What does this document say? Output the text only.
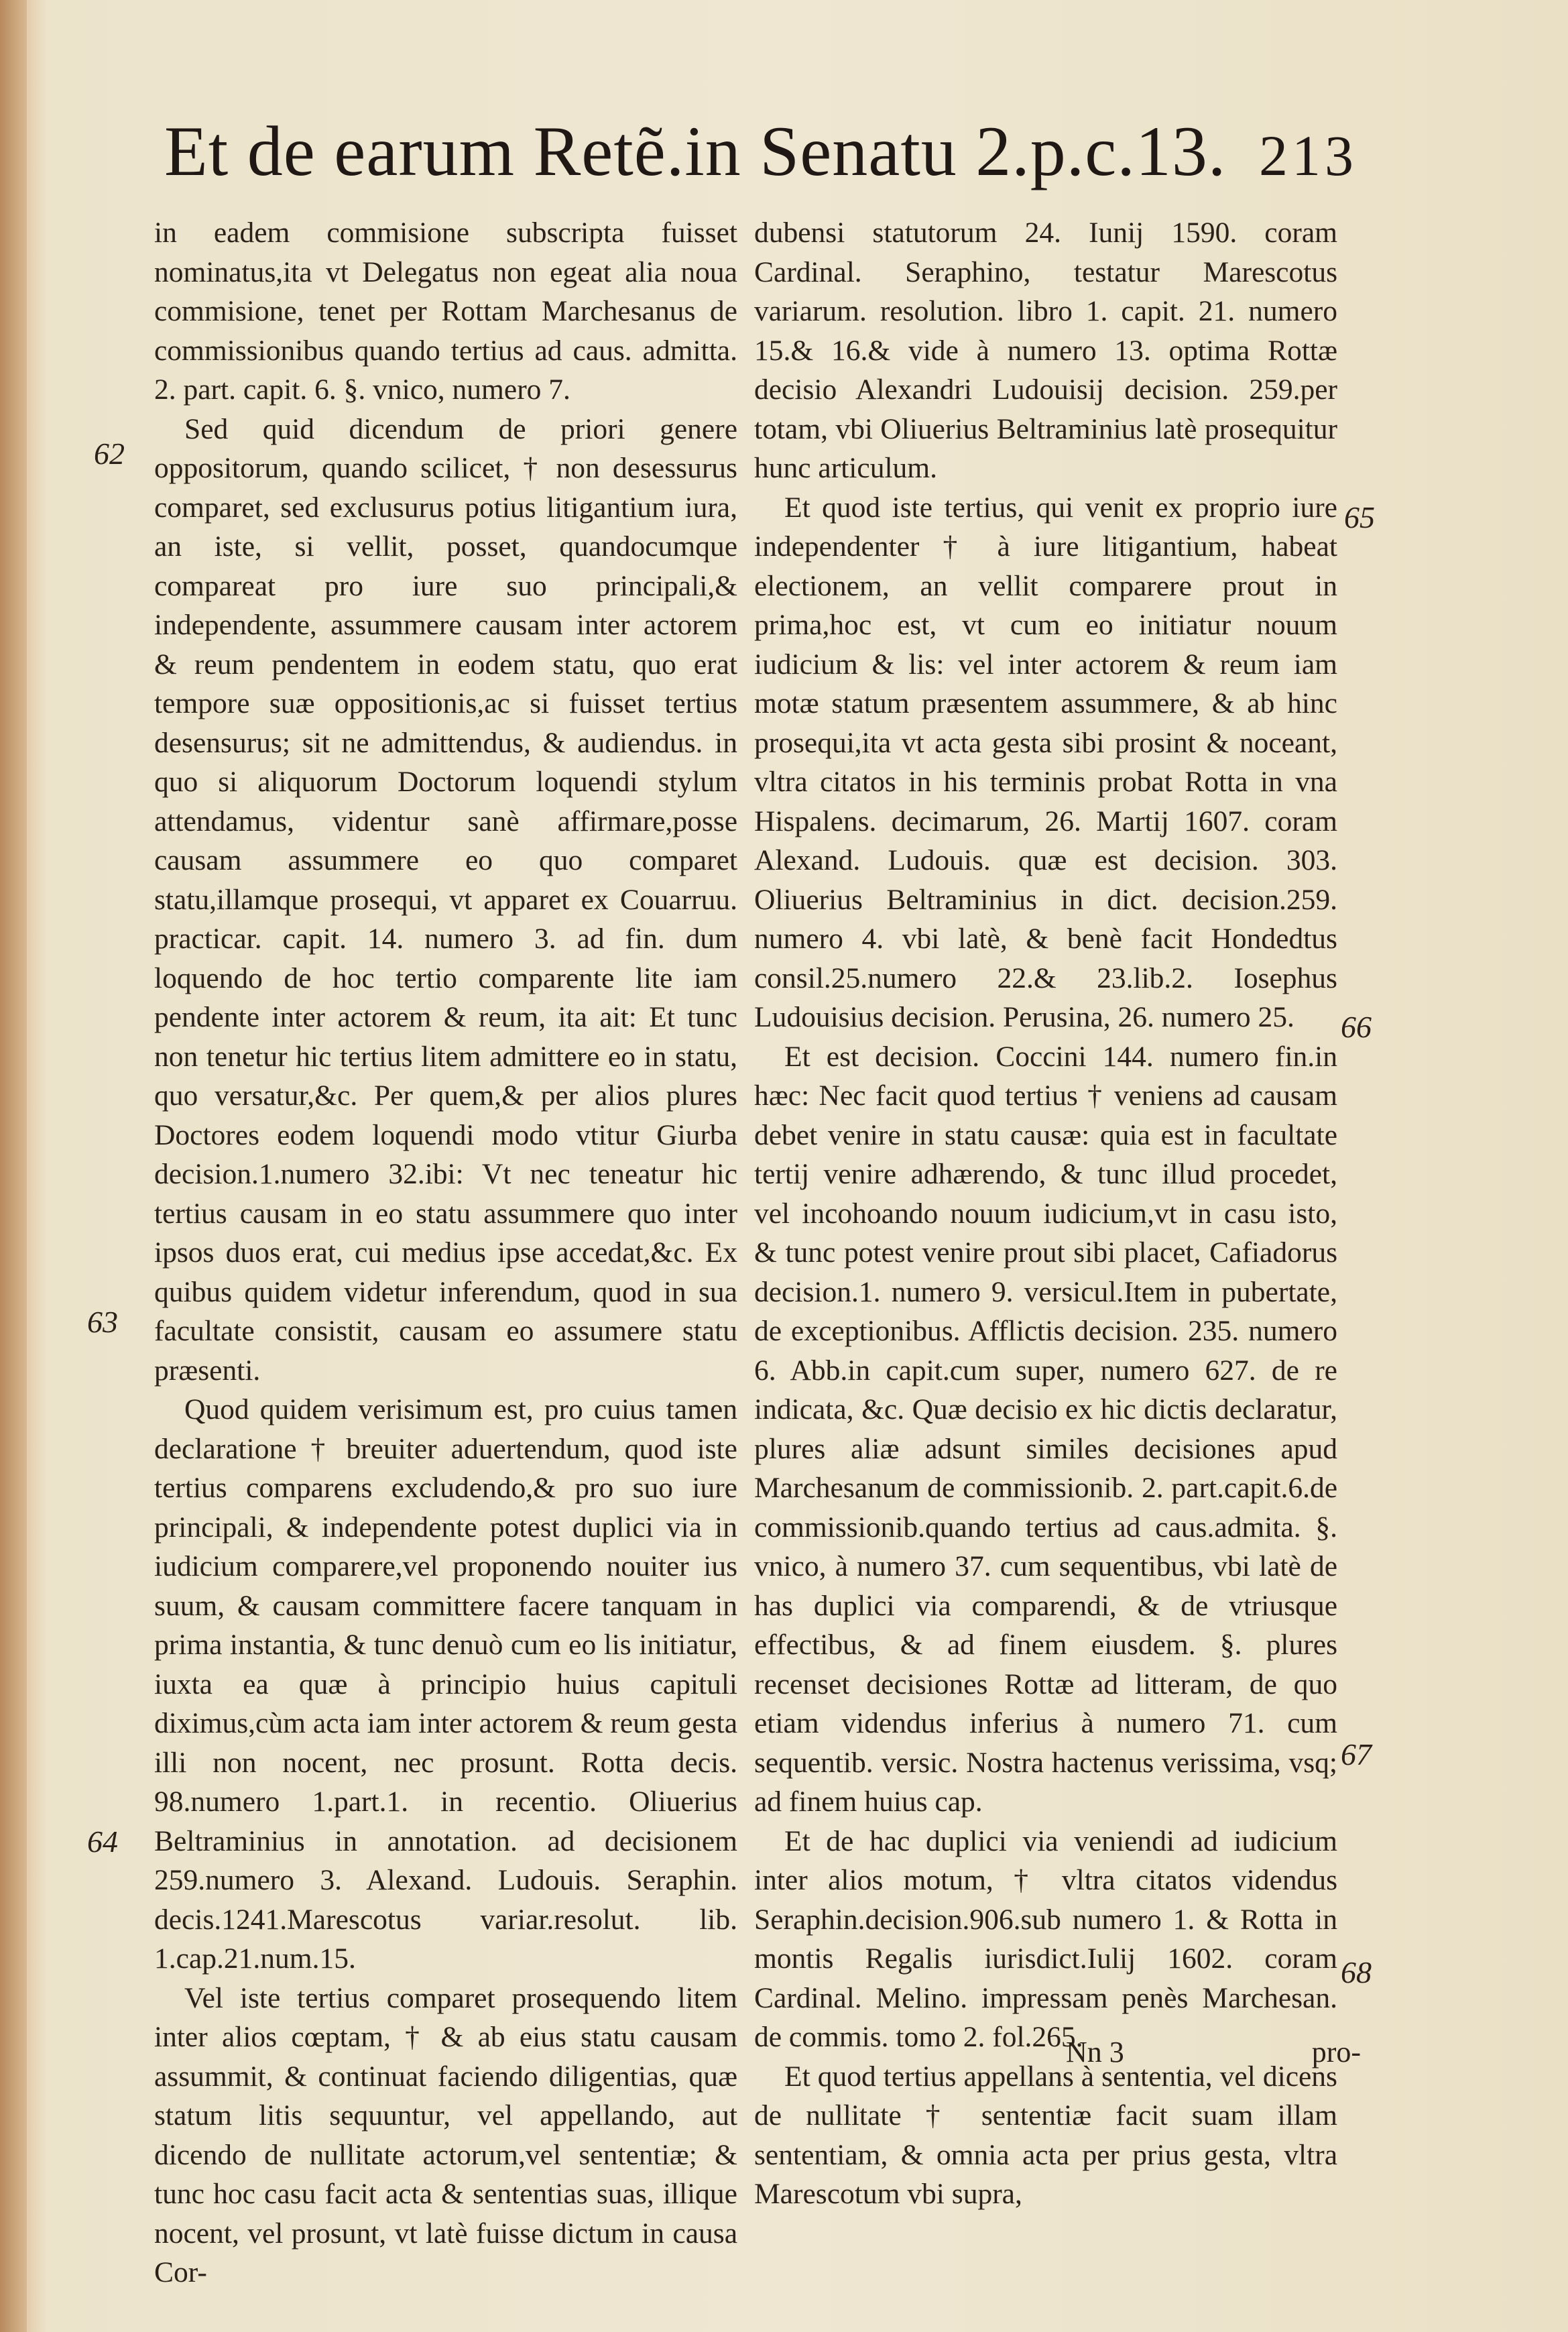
Et de earum Retẽ.in Senatu 2.p.c.13. 213

in eadem commisione subscripta fuisset nominatus,ita vt Delegatus non egeat alia noua commisione, tenet per Rottam Marchesanus de commissionibus quando tertius ad caus. admitta. 2. part. capit. 6. §. vnico, numero 7.

Sed quid dicendum de priori genere oppositorum, quando scilicet, † non desessurus comparet, sed exclusurus potius litigantium iura, an iste, si vellit, posset, quandocumque compareat pro iure suo principali,& independente, assummere causam inter actorem & reum pendentem in eodem statu, quo erat tempore suæ oppositionis,ac si fuisset tertius desensurus; sit ne admittendus, & audiendus. in quo si aliquorum Doctorum loquendi stylum attendamus, videntur sanè affirmare,posse causam assummere eo quo comparet statu,illamque prosequi, vt apparet ex Couarruu. practicar. capit. 14. numero 3. ad fin. dum loquendo de hoc tertio comparente lite iam pendente inter actorem & reum, ita ait: Et tunc non tenetur hic tertius litem admittere eo in statu, quo versatur,&c. Per quem,& per alios plures Doctores eodem loquendi modo vtitur Giurba decision.1.numero 32.ibi: Vt nec teneatur hic tertius causam in eo statu assummere quo inter ipsos duos erat, cui medius ipse accedat,&c. Ex quibus quidem videtur inferendum, quod in sua facultate consistit, causam eo assumere statu præsenti.

Quod quidem verisimum est, pro cuius tamen declaratione † breuiter aduertendum, quod iste tertius comparens excludendo,& pro suo iure principali, & independente potest duplici via in iudicium comparere,vel proponendo nouiter ius suum, & causam committere facere tanquam in prima instantia, & tunc denuò cum eo lis initiatur, iuxta ea quæ à principio huius capituli diximus,cùm acta iam inter actorem & reum gesta illi non nocent, nec prosunt. Rotta decis. 98.numero 1.part.1. in recentio. Oliuerius Beltraminius in annotation. ad decisionem 259.numero 3. Alexand. Ludouis. Seraphin. decis.1241.Marescotus variar.resolut. lib. 1.cap.21.num.15.

Vel iste tertius comparet prosequendo litem inter alios cœptam, † & ab eius statu causam assummit, & continuat faciendo diligentias, quæ statum litis sequuntur, vel appellando, aut dicendo de nullitate actorum,vel sententiæ; & tunc hoc casu facit acta & sententias suas, illique nocent, vel prosunt, vt latè fuisse dictum in causa Cor-

dubensi statutorum 24. Iunij 1590. coram Cardinal. Seraphino, testatur Marescotus variarum. resolution. libro 1. capit. 21. numero 15.& 16.& vide à numero 13. optima Rottæ decisio Alexandri Ludouisij decision. 259.per totam, vbi Oliuerius Beltraminius latè prosequitur hunc articulum.

Et quod iste tertius, qui venit ex proprio iure independenter † à iure litigantium, habeat electionem, an vellit comparere prout in prima,hoc est, vt cum eo initiatur nouum iudicium & lis: vel inter actorem & reum iam motæ statum præsentem assummere, & ab hinc prosequi,ita vt acta gesta sibi prosint & noceant, vltra citatos in his terminis probat Rotta in vna Hispalens. decimarum, 26. Martij 1607. coram Alexand. Ludouis. quæ est decision. 303. Oliuerius Beltraminius in dict. decision.259. numero 4. vbi latè, & benè facit Hondedtus consil.25.numero 22.& 23.lib.2. Iosephus Ludouisius decision. Perusina, 26. numero 25.

Et est decision. Coccini 144. numero fin.in hæc: Nec facit quod tertius † veniens ad causam debet venire in statu causæ: quia est in facultate tertij venire adhærendo, & tunc illud procedet, vel incohoando nouum iudicium,vt in casu isto, & tunc potest venire prout sibi placet, Cafiadorus decision.1. numero 9. versicul.Item in pubertate, de exceptionibus. Afflictis decision. 235. numero 6. Abb.in capit.cum super, numero 627. de re indicata, &c. Quæ decisio ex hic dictis declaratur, plures aliæ adsunt similes decisiones apud Marchesanum de commissionib. 2. part.capit.6.de commissionib.quando tertius ad caus.admita. §. vnico, à numero 37. cum sequentibus, vbi latè de has duplici via comparendi, & de vtriusque effectibus, & ad finem eiusdem. §. plures recenset decisiones Rottæ ad litteram, de quo etiam videndus inferius à numero 71. cum sequentib. versic. Nostra hactenus verissima, vsq; ad finem huius cap.

Et de hac duplici via veniendi ad iudicium inter alios motum, † vltra citatos videndus Seraphin.decision.906.sub numero 1. & Rotta in montis Regalis iurisdict.Iulij 1602. coram Cardinal. Melino. impressam penès Marchesan. de commis. tomo 2. fol.265.

Et quod tertius appellans à sententia, vel dicens de nullitate † sententiæ facit suam illam sententiam, & omnia acta per prius gesta, vltra Marescotum vbi supra,

62
63
64
65
66
67
68
Nn 3	pro-
